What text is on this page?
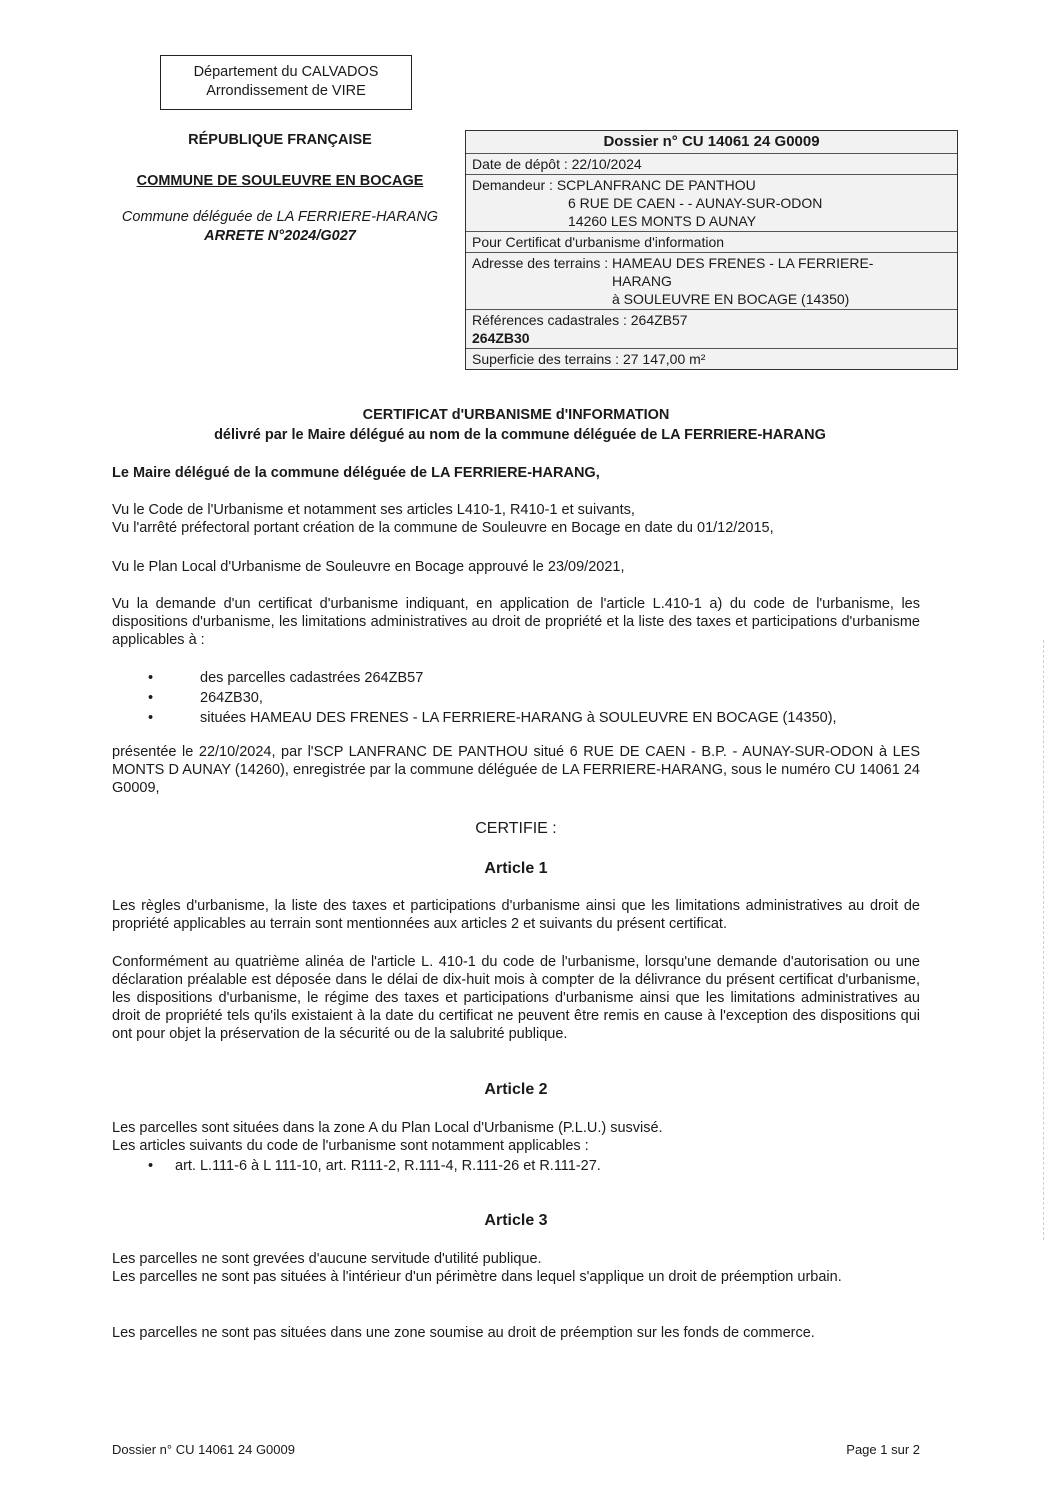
Département du CALVADOS
Arrondissement de VIRE
RÉPUBLIQUE FRANÇAISE
COMMUNE DE SOULEUVRE EN BOCAGE
Commune déléguée de LA FERRIERE-HARANG
ARRETE N°2024/G027
Dossier n° CU 14061 24 G0009
Date de dépôt : 22/10/2024
Demandeur : SCPLANFRANC DE PANTHOU
6 RUE DE CAEN - - AUNAY-SUR-ODON
14260 LES MONTS D AUNAY
Pour Certificat d'urbanisme d'information
Adresse des terrains : HAMEAU DES FRENES - LA FERRIERE-
HARANG
à SOULEUVRE EN BOCAGE (14350)
Références cadastrales : 264ZB57
264ZB30
Superficie des terrains : 27 147,00 m²
CERTIFICAT d'URBANISME d'INFORMATION
délivré par le Maire délégué au nom de la commune déléguée de LA FERRIERE-HARANG
Le Maire délégué de la commune déléguée de LA FERRIERE-HARANG,
Vu le Code de l'Urbanisme et notamment ses articles L410-1, R410-1 et suivants,
Vu l'arrêté préfectoral portant création de la commune de Souleuvre en Bocage en date du 01/12/2015,
Vu le Plan Local d'Urbanisme de Souleuvre en Bocage approuvé le 23/09/2021,
Vu la demande d'un certificat d'urbanisme indiquant, en application de l'article L.410-1 a) du code de l'urbanisme, les dispositions d'urbanisme, les limitations administratives au droit de propriété et la liste des taxes et participations d'urbanisme applicables à :
•	des parcelles cadastrées 264ZB57
•	264ZB30,
•	situées HAMEAU DES FRENES - LA FERRIERE-HARANG à SOULEUVRE EN BOCAGE (14350),
présentée le 22/10/2024, par l'SCP LANFRANC DE PANTHOU situé 6 RUE DE CAEN - B.P. - AUNAY-SUR-ODON à LES MONTS D AUNAY (14260), enregistrée par la commune déléguée de LA FERRIERE-HARANG, sous le numéro CU 14061 24 G0009,
CERTIFIE :
Article 1
Les règles d'urbanisme, la liste des taxes et participations d'urbanisme ainsi que les limitations administratives au droit de propriété applicables au terrain sont mentionnées aux articles 2 et suivants du présent certificat.
Conformément au quatrième alinéa de l'article L. 410-1 du code de l'urbanisme, lorsqu'une demande d'autorisation ou une déclaration préalable est déposée dans le délai de dix-huit mois à compter de la délivrance du présent certificat d'urbanisme, les dispositions d'urbanisme, le régime des taxes et participations d'urbanisme ainsi que les limitations administratives au droit de propriété tels qu'ils existaient à la date du certificat ne peuvent être remis en cause à l'exception des dispositions qui ont pour objet la préservation de la sécurité ou de la salubrité publique.
Article 2
Les parcelles sont situées dans la zone A du Plan Local d'Urbanisme (P.L.U.) susvisé.
Les articles suivants du code de l'urbanisme sont notamment applicables :
•	art. L.111-6 à L 111-10, art. R111-2, R.111-4, R.111-26 et R.111-27.
Article 3
Les parcelles ne sont grevées d'aucune servitude d'utilité publique.
Les parcelles ne sont pas situées à l'intérieur d'un périmètre dans lequel s'applique un droit de préemption urbain.
Les parcelles ne sont pas situées dans une zone soumise au droit de préemption sur les fonds de commerce.
Dossier n° CU 14061 24 G0009	Page 1 sur 2
